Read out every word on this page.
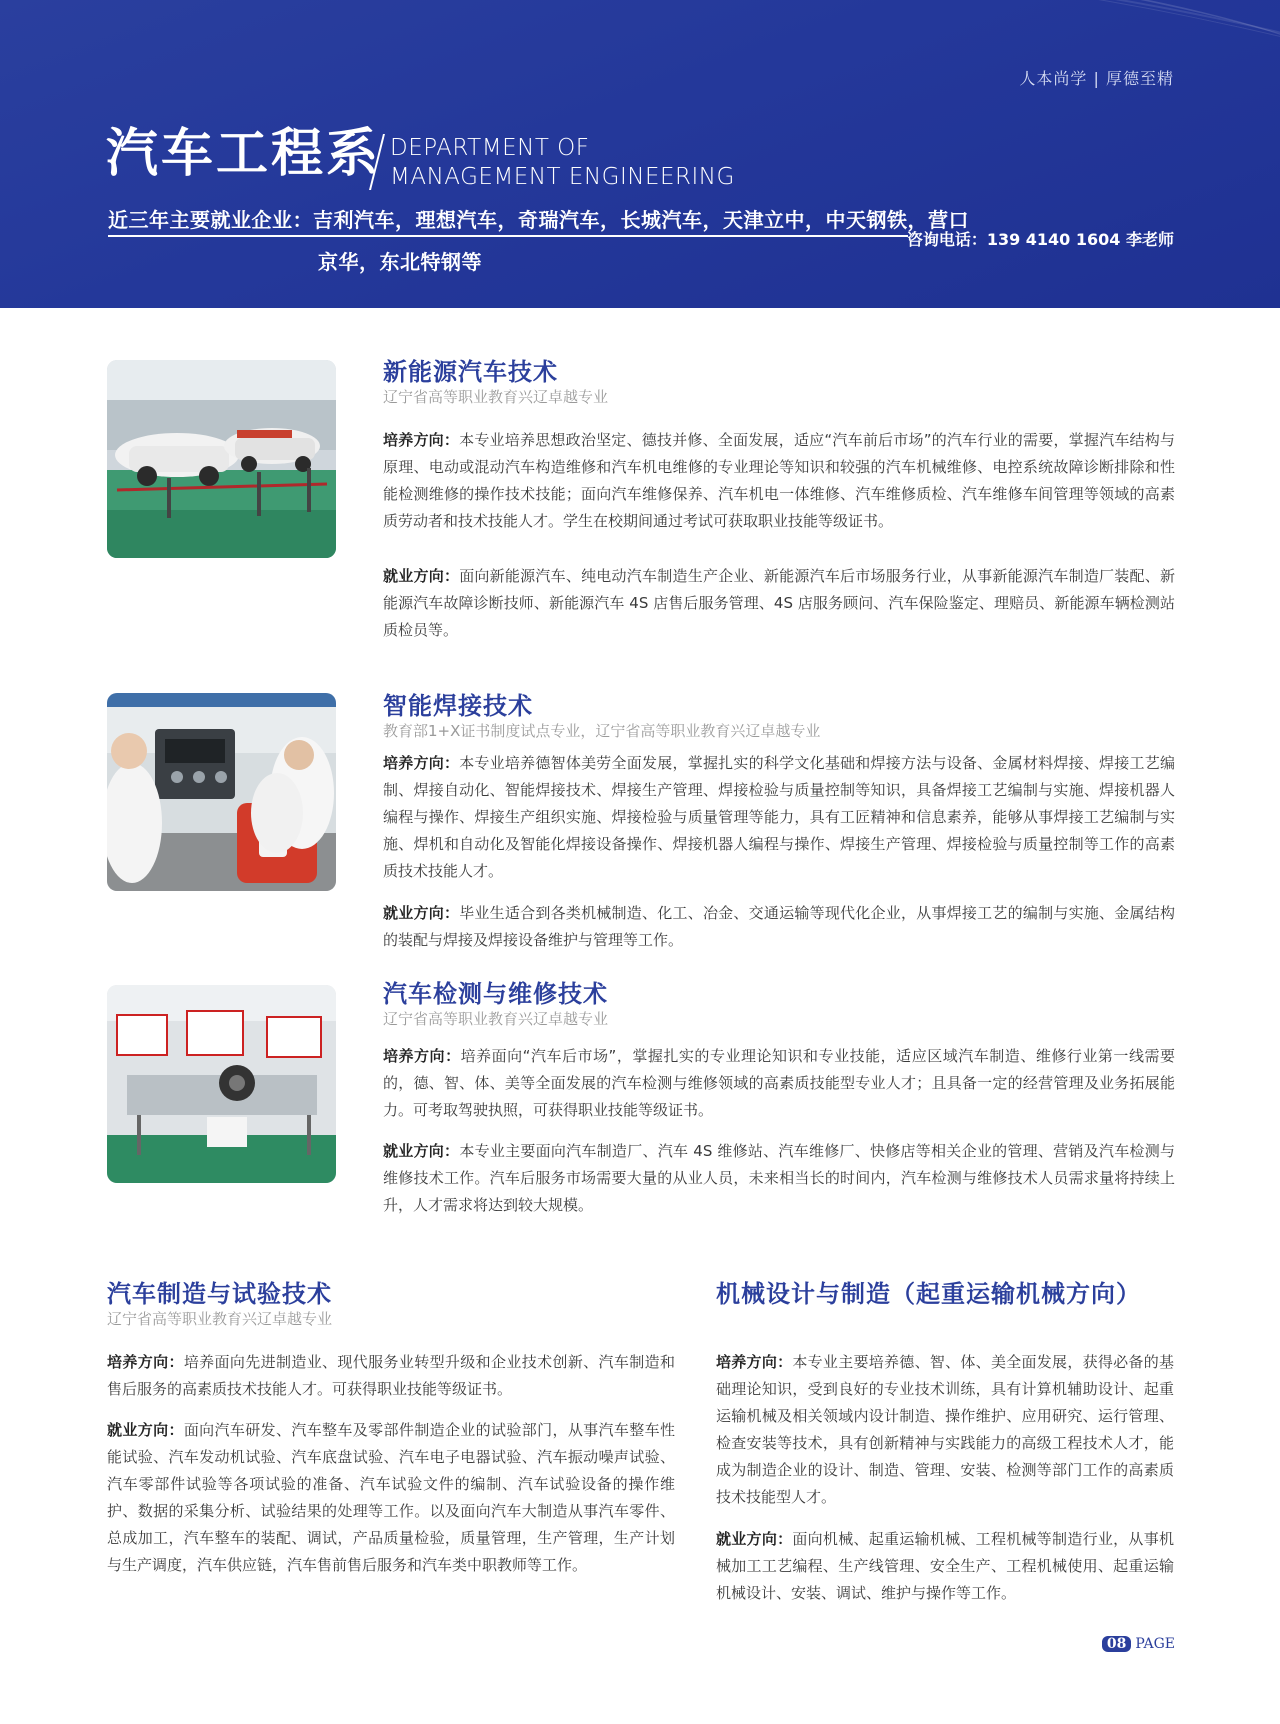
人本尚学 | 厚德至精
汽车工程系 DEPARTMENT OF
MANAGEMENT ENGINEERING
近三年主要就业企业：吉利汽车，理想汽车，奇瑞汽车，长城汽车，天津立中，中天钢铁，营口
京华，东北特钢等
咨询电话：139 4140 1604 李老师
新能源汽车技术
辽宁省高等职业教育兴辽卓越专业

培养方向：本专业培养思想政治坚定、德技并修、全面发展，适应“汽车前后市场”的汽车行业的需要，掌握汽车结构与原理、电动或混动汽车构造维修和汽车机电维修的专业理论等知识和较强的汽车机械维修、电控系统故障诊断排除和性能检测维修的操作技术技能；面向汽车维修保养、汽车机电一体维修、汽车维修质检、汽车维修车间管理等领域的高素质劳动者和技术技能人才。学生在校期间通过考试可获取职业技能等级证书。

就业方向：面向新能源汽车、纯电动汽车制造生产企业、新能源汽车后市场服务行业，从事新能源汽车制造厂装配、新能源汽车故障诊断技师、新能源汽车 4S 店售后服务管理、4S 店服务顾问、汽车保险鉴定、理赔员、新能源车辆检测站质检员等。

智能焊接技术
教育部1+X证书制度试点专业，辽宁省高等职业教育兴辽卓越专业

培养方向：本专业培养德智体美劳全面发展，掌握扎实的科学文化基础和焊接方法与设备、金属材料焊接、焊接工艺编制、焊接自动化、智能焊接技术、焊接生产管理、焊接检验与质量控制等知识，具备焊接工艺编制与实施、焊接机器人编程与操作、焊接生产组织实施、焊接检验与质量管理等能力，具有工匠精神和信息素养，能够从事焊接工艺编制与实施、焊机和自动化及智能化焊接设备操作、焊接机器人编程与操作、焊接生产管理、焊接检验与质量控制等工作的高素质技术技能人才。

就业方向：毕业生适合到各类机械制造、化工、冶金、交通运输等现代化企业，从事焊接工艺的编制与实施、金属结构的装配与焊接及焊接设备维护与管理等工作。

汽车检测与维修技术
辽宁省高等职业教育兴辽卓越专业

培养方向：培养面向“汽车后市场”，掌握扎实的专业理论知识和专业技能，适应区域汽车制造、维修行业第一线需要的，德、智、体、美等全面发展的汽车检测与维修领域的高素质技能型专业人才；且具备一定的经营管理及业务拓展能力。可考取驾驶执照，可获得职业技能等级证书。

就业方向：本专业主要面向汽车制造厂、汽车 4S 维修站、汽车维修厂、快修店等相关企业的管理、营销及汽车检测与维修技术工作。汽车后服务市场需要大量的从业人员，未来相当长的时间内，汽车检测与维修技术人员需求量将持续上升，人才需求将达到较大规模。

汽车制造与试验技术
辽宁省高等职业教育兴辽卓越专业

培养方向：培养面向先进制造业、现代服务业转型升级和企业技术创新、汽车制造和售后服务的高素质技术技能人才。可获得职业技能等级证书。

就业方向：面向汽车研发、汽车整车及零部件制造企业的试验部门，从事汽车整车性能试验、汽车发动机试验、汽车底盘试验、汽车电子电器试验、汽车振动噪声试验、汽车零部件试验等各项试验的准备、汽车试验文件的编制、汽车试验设备的操作维护、数据的采集分析、试验结果的处理等工作。以及面向汽车大制造从事汽车零件、总成加工，汽车整车的装配、调试，产品质量检验，质量管理，生产管理，生产计划与生产调度，汽车供应链，汽车售前售后服务和汽车类中职教师等工作。

机械设计与制造（起重运输机械方向）

培养方向：本专业主要培养德、智、体、美全面发展，获得必备的基础理论知识，受到良好的专业技术训练，具有计算机辅助设计、起重运输机械及相关领域内设计制造、操作维护、应用研究、运行管理、检查安装等技术，具有创新精神与实践能力的高级工程技术人才，能成为制造企业的设计、制造、管理、安装、检测等部门工作的高素质技术技能型人才。

就业方向：面向机械、起重运输机械、工程机械等制造行业，从事机械加工工艺编程、生产线管理、安全生产、工程机械使用、起重运输机械设计、安装、调试、维护与操作等工作。

08 PAGE
